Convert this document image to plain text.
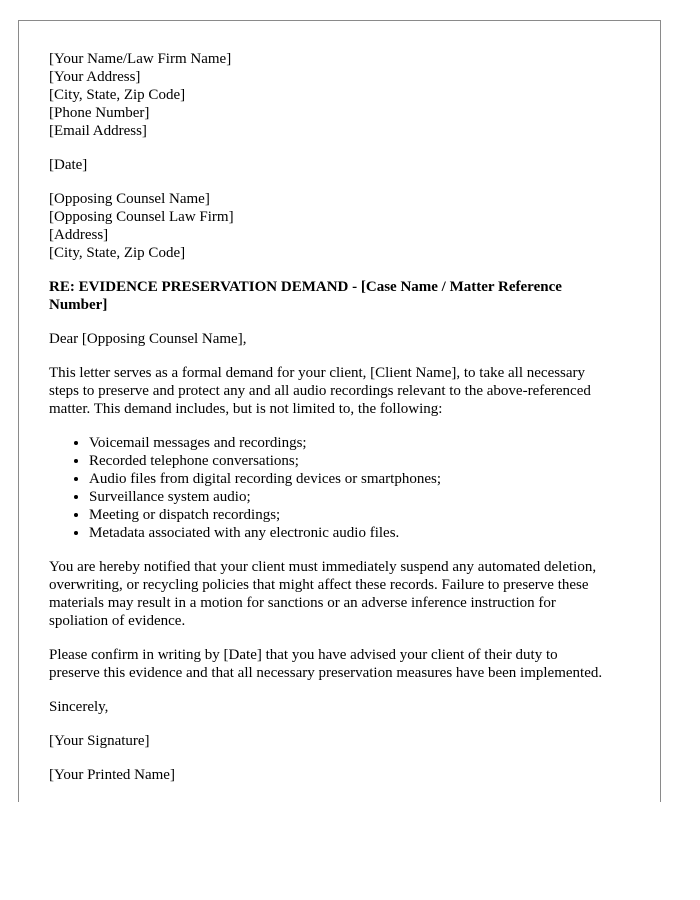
[Your Name/Law Firm Name]
[Your Address]
[City, State, Zip Code]
[Phone Number]
[Email Address]
[Date]
[Opposing Counsel Name]
[Opposing Counsel Law Firm]
[Address]
[City, State, Zip Code]
RE: EVIDENCE PRESERVATION DEMAND - [Case Name / Matter Reference Number]

Dear [Opposing Counsel Name],

This letter serves as a formal demand for your client, [Client Name], to take all necessary steps to preserve and protect any and all audio recordings relevant to the above-referenced matter. This demand includes, but is not limited to, the following:

• Voicemail messages and recordings;
• Recorded telephone conversations;
• Audio files from digital recording devices or smartphones;
• Surveillance system audio;
• Meeting or dispatch recordings;
• Metadata associated with any electronic audio files.

You are hereby notified that your client must immediately suspend any automated deletion, overwriting, or recycling policies that might affect these records. Failure to preserve these materials may result in a motion for sanctions or an adverse inference instruction for spoliation of evidence.

Please confirm in writing by [Date] that you have advised your client of their duty to preserve this evidence and that all necessary preservation measures have been implemented.

Sincerely,

[Your Signature]

[Your Printed Name]
